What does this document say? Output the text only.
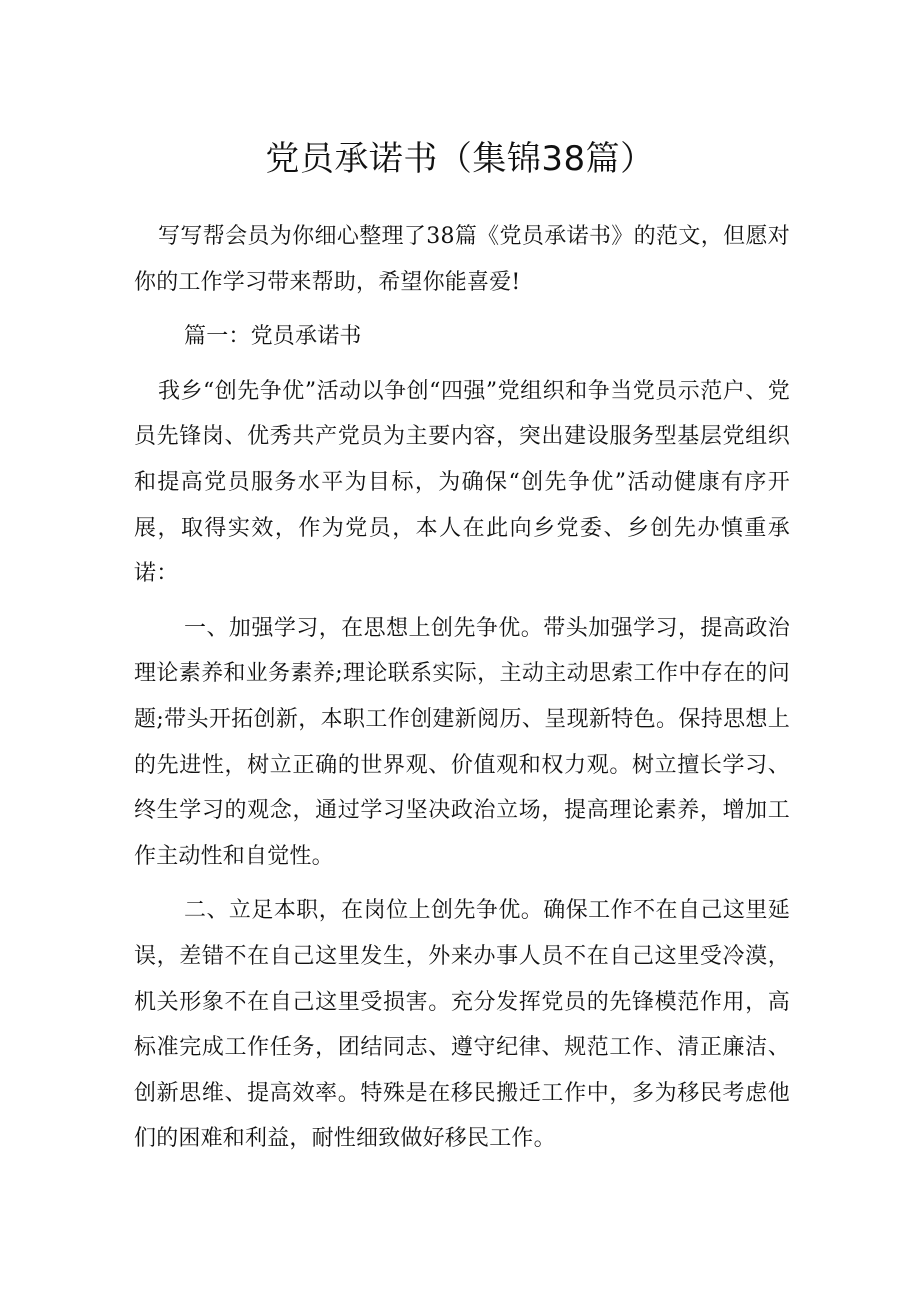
党员承诺书（集锦38篇）

写写帮会员为你细心整理了38篇《党员承诺书》的范文，但愿对你的工作学习带来帮助，希望你能喜爱!

篇一：党员承诺书

我乡“创先争优”活动以争创“四强”党组织和争当党员示范户、党员先锋岗、优秀共产党员为主要内容，突出建设服务型基层党组织和提高党员服务水平为目标，为确保“创先争优”活动健康有序开展，取得实效，作为党员，本人在此向乡党委、乡创先办慎重承诺：

一、加强学习，在思想上创先争优。带头加强学习，提高政治理论素养和业务素养;理论联系实际，主动主动思索工作中存在的问题;带头开拓创新，本职工作创建新阅历、呈现新特色。保持思想上的先进性，树立正确的世界观、价值观和权力观。树立擅长学习、终生学习的观念，通过学习坚决政治立场，提高理论素养，增加工作主动性和自觉性。

二、立足本职，在岗位上创先争优。确保工作不在自己这里延误，差错不在自己这里发生，外来办事人员不在自己这里受冷漠，机关形象不在自己这里受损害。充分发挥党员的先锋模范作用，高标准完成工作任务，团结同志、遵守纪律、规范工作、清正廉洁、创新思维、提高效率。特殊是在移民搬迁工作中，多为移民考虑他们的困难和利益，耐性细致做好移民工作。
